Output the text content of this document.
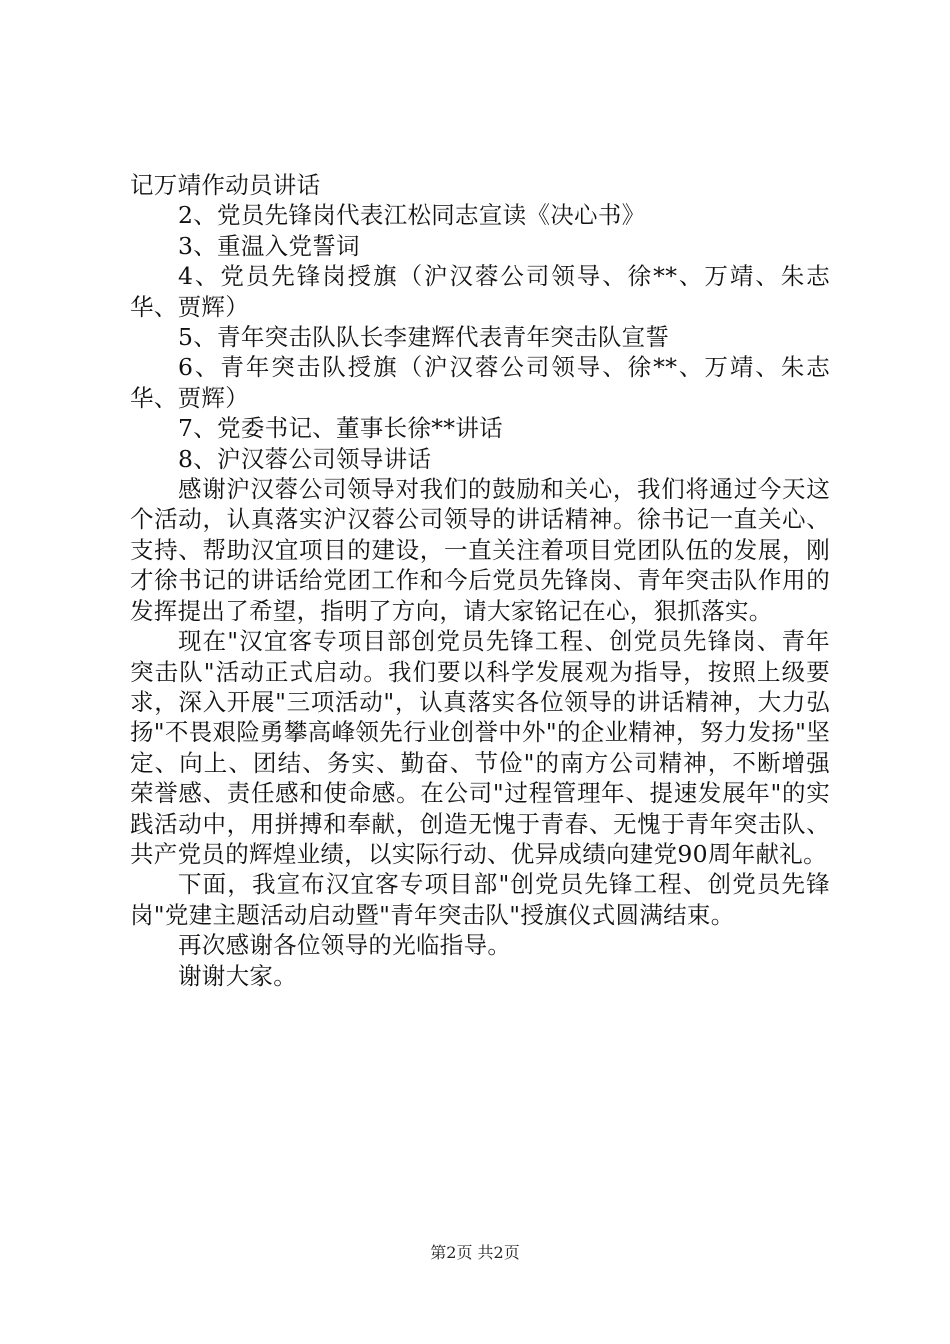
记万靖作动员讲话

2、党员先锋岗代表江松同志宣读《决心书》

3、重温入党誓词

4、党员先锋岗授旗（沪汉蓉公司领导、徐**、万靖、朱志华、贾辉）

5、青年突击队队长李建辉代表青年突击队宣誓

6、青年突击队授旗（沪汉蓉公司领导、徐**、万靖、朱志华、贾辉）

7、党委书记、董事长徐**讲话

8、沪汉蓉公司领导讲话

感谢沪汉蓉公司领导对我们的鼓励和关心，我们将通过今天这个活动，认真落实沪汉蓉公司领导的讲话精神。徐书记一直关心、支持、帮助汉宜项目的建设，一直关注着项目党团队伍的发展，刚才徐书记的讲话给党团工作和今后党员先锋岗、青年突击队作用的发挥提出了希望，指明了方向，请大家铭记在心，狠抓落实。

现在"汉宜客专项目部创党员先锋工程、创党员先锋岗、青年突击队"活动正式启动。我们要以科学发展观为指导，按照上级要求，深入开展"三项活动"，认真落实各位领导的讲话精神，大力弘扬"不畏艰险勇攀高峰领先行业创誉中外"的企业精神，努力发扬"坚定、向上、团结、务实、勤奋、节俭"的南方公司精神，不断增强荣誉感、责任感和使命感。在公司"过程管理年、提速发展年"的实践活动中，用拼搏和奉献，创造无愧于青春、无愧于青年突击队、共产党员的辉煌业绩，以实际行动、优异成绩向建党90周年献礼。

下面，我宣布汉宜客专项目部"创党员先锋工程、创党员先锋岗"党建主题活动启动暨"青年突击队"授旗仪式圆满结束。

再次感谢各位领导的光临指导。

谢谢大家。

第2页 共2页
